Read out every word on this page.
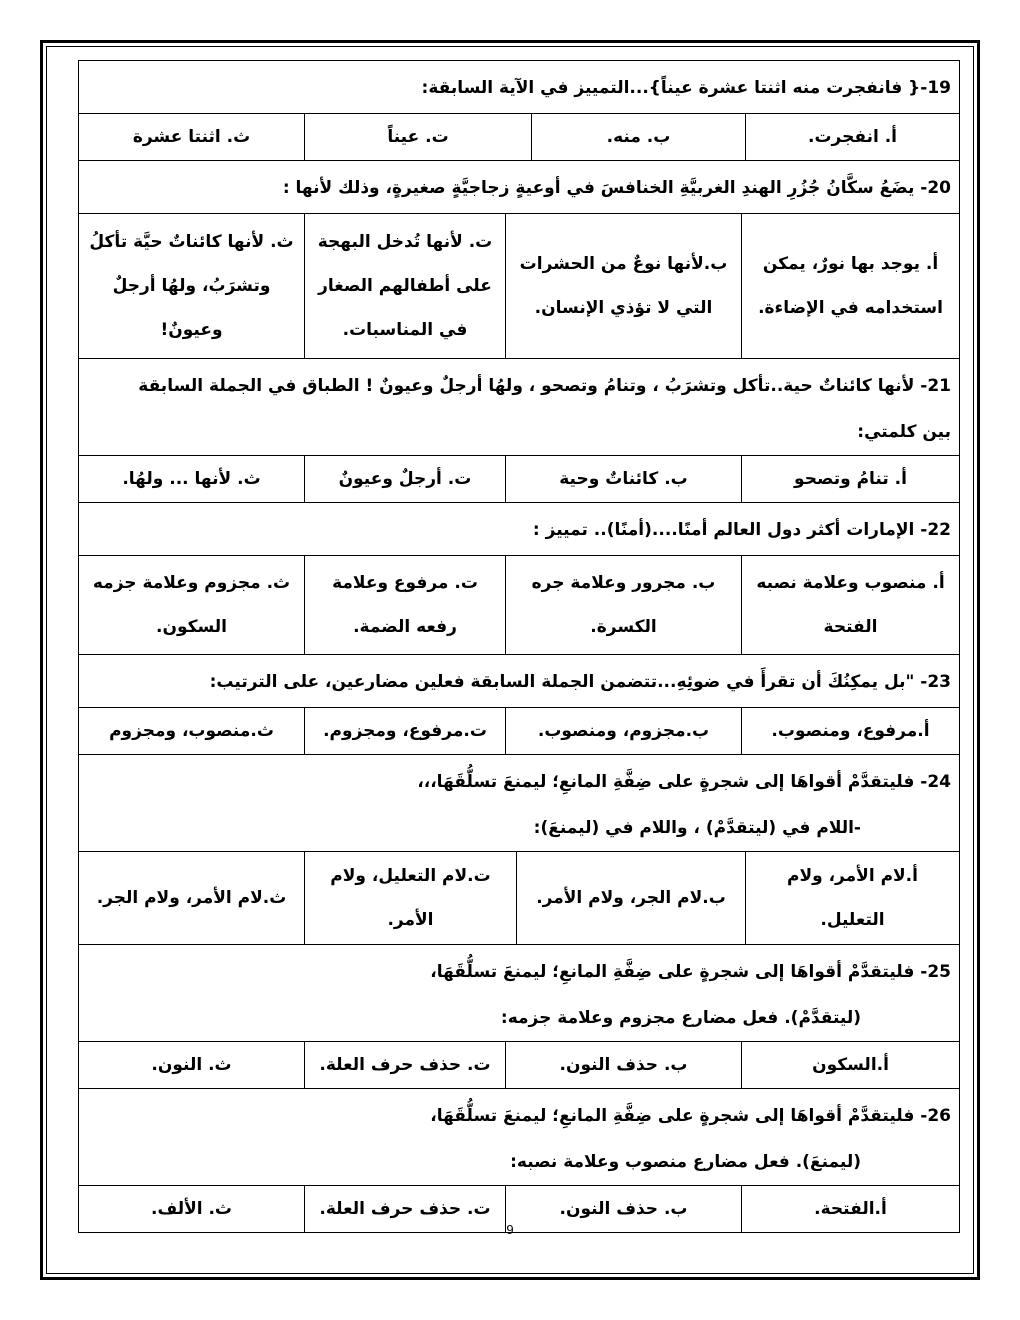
19-{ فانفجرت منه اثنتا عشرة عيناً}...التمييز في الآية السابقة:
أ. انفجرت.
ب. منه.
ت. عيناً
ث. اثنتا عشرة
20- يضَعُ سكَّانُ جُزُرِ الهندِ الغربيَّةِ الخنافسَ في أوعيةٍ زجاجيَّةٍ صغيرةٍ، وذلك لأنها :
أ. يوجد بها نورٌ، يمكن استخدامه في الإضاءة.
ب.لأنها نوعٌ من الحشرات التي لا تؤذي الإنسان.
ت. لأنها تُدخل البهجة على أطفالهم الصغار في المناسبات.
ث. لأنها كائناتٌ حيَّة تأكلُ وتشرَبُ، ولهُا أرجلٌ وعيونٌ!
21- لأنها كائناتٌ حية..تأكل وتشرَبُ ، وتنامُ وتصحو ، ولهُا أرجلٌ وعيونٌ ! الطباق في الجملة السابقة
بين كلمتي:
أ. تنامُ وتصحو
ب. كائناتٌ وحية
ت. أرجلٌ وعيونٌ
ث. لأنها ... ولهُا.
22- الإمارات أكثر دول العالم أمنًا....(أمنًا).. تمييز :
أ. منصوب وعلامة نصبه الفتحة
ب. مجرور وعلامة جره الكسرة.
ت. مرفوع وعلامة رفعه الضمة.
ث. مجزوم وعلامة جزمه السكون.
23- "بل يمكِنُكَ أن تقرأَ في ضوئِهِ...تتضمن الجملة السابقة فعلين مضارعين، على الترتيب:
أ.مرفوع، ومنصوب.
ب.مجزوم، ومنصوب.
ت.مرفوع، ومجزوم.
ث.منصوب، ومجزوم
24- فليتقدَّمْ أقواهَا إلى شجرةٍ على ضِفَّةِ المانعِ؛ ليمنعَ تسلُّقَهَا،،،
-اللام في (ليتقدَّمْ) ، واللام في (ليمنعَ):
أ.لام الأمر، ولام التعليل.
ب.لام الجر، ولام الأمر.
ت.لام التعليل، ولام الأمر.
ث.لام الأمر، ولام الجر.
25- فليتقدَّمْ أقواهَا إلى شجرةٍ على ضِفَّةِ المانعِ؛ ليمنعَ تسلُّقَهَا،
(ليتقدَّمْ). فعل مضارع مجزوم وعلامة جزمه:
أ.السكون
ب. حذف النون.
ت. حذف حرف العلة.
ث. النون.
26- فليتقدَّمْ أقواهَا إلى شجرةٍ على ضِفَّةِ المانعِ؛ ليمنعَ تسلُّقَهَا،
(ليمنعَ). فعل مضارع منصوب وعلامة نصبه:
أ.الفتحة.
ب. حذف النون.
ت. حذف حرف العلة.
ث. الألف.
9
